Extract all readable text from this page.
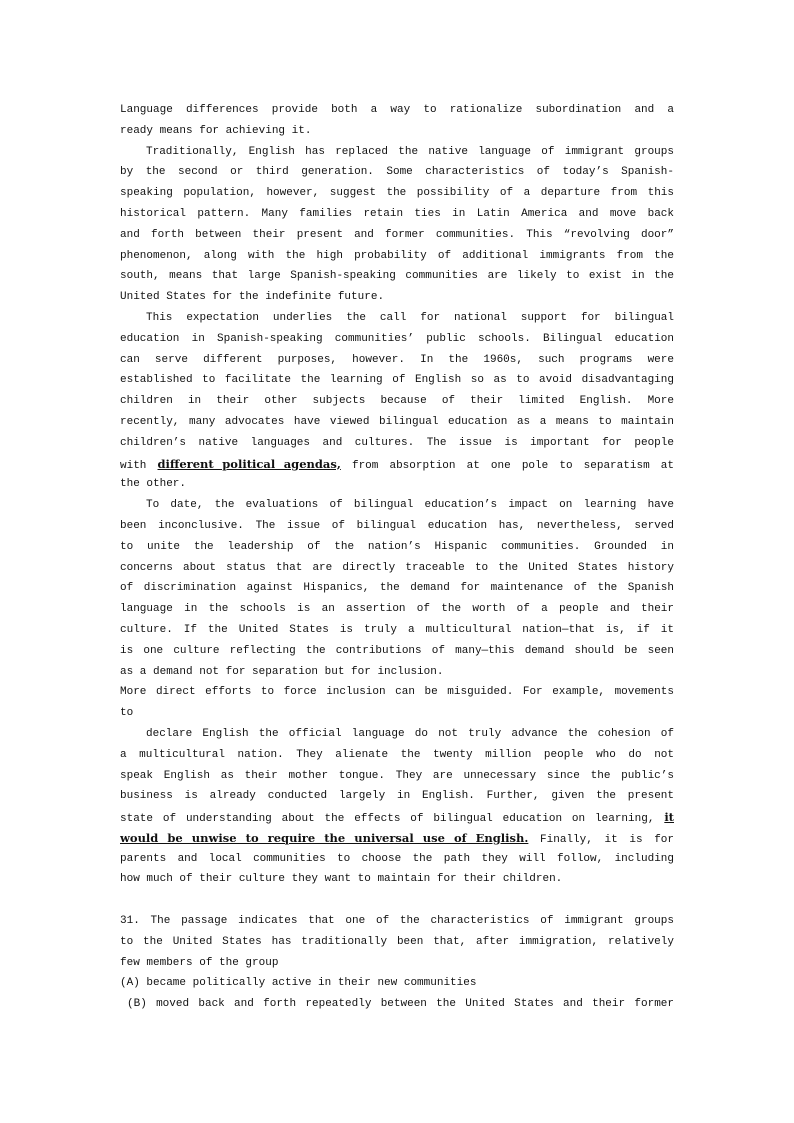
Language differences provide both a way to rationalize subordination and a
ready means for achieving it.
Traditionally, English has replaced the native language of immigrant groups
by the second or third generation. Some characteristics of today’s Spanish-
speaking population, however, suggest the possibility of a departure from this
historical pattern. Many families retain ties in Latin America and move back
and forth between their present and former communities. This “revolving door”
phenomenon, along with the high probability of additional immigrants from the
south, means that large Spanish-speaking communities are likely to exist in the
United States for the indefinite future.
This expectation underlies the call for national support for bilingual
education in Spanish-speaking communities’ public schools. Bilingual education
can serve different purposes, however. In the 1960s, such programs were
established to facilitate the learning of English so as to avoid disadvantaging
children in their other subjects because of their limited English. More
recently, many advocates have viewed bilingual education as a means to maintain
children’s native languages and cultures. The issue is important for people
with different political agendas, from absorption at one pole to separatism at
the other.
To date, the evaluations of bilingual education’s impact on learning have
been inconclusive. The issue of bilingual education has, nevertheless, served
to unite the leadership of the nation’s Hispanic communities. Grounded in
concerns about status that are directly traceable to the United States history
of discrimination against Hispanics, the demand for maintenance of the Spanish
language in the schools is an assertion of the worth of a people and their
culture. If the United States is truly a multicultural nation—that is, if it
is one culture reflecting the contributions of many—this demand should be seen
as a demand not for separation but for inclusion.
More direct efforts to force inclusion can be misguided. For example, movements
to
declare English the official language do not truly advance the cohesion of
a multicultural nation. They alienate the twenty million people who do not
speak English as their mother tongue. They are unnecessary since the public’s
business is already conducted largely in English. Further, given the present
state of understanding about the effects of bilingual education on learning, it
would be unwise to require the universal use of English. Finally, it is for
parents and local communities to choose the path they will follow, including
how much of their culture they want to maintain for their children.
31. The passage indicates that one of the characteristics of immigrant groups
to the United States has traditionally been that, after immigration, relatively
few members of the group
(A) became politically active in their new communities
(B) moved back and forth repeatedly between the United States and their former
